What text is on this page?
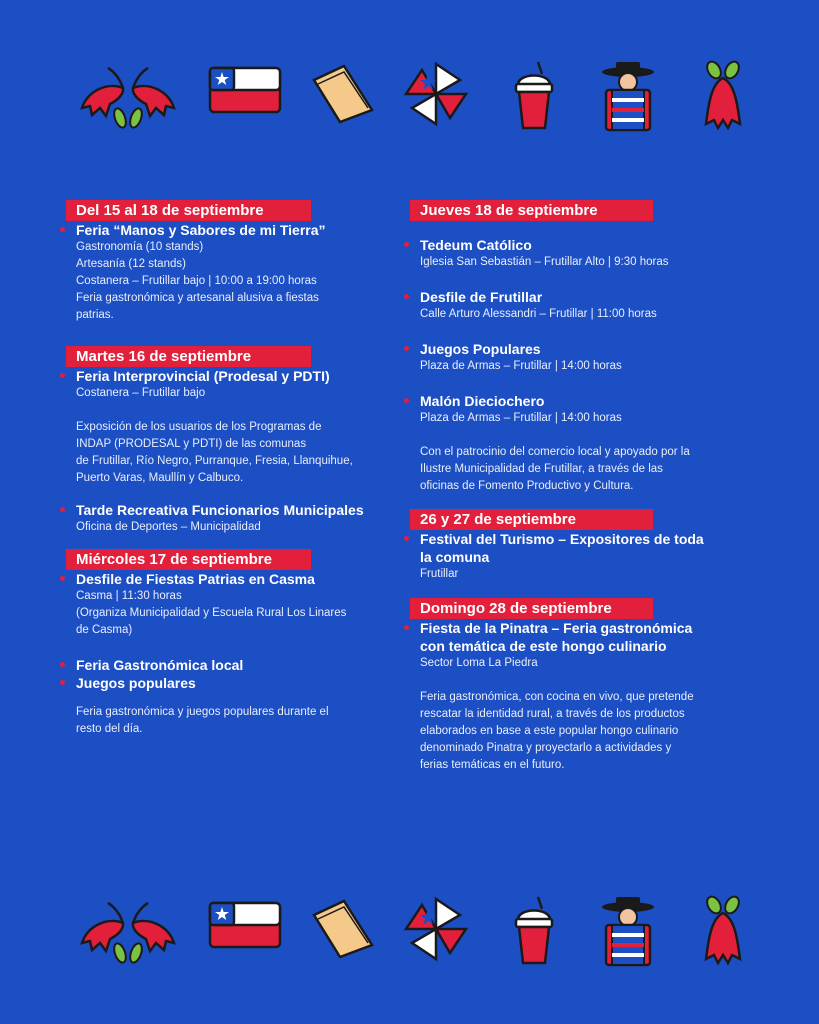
Del 15 al 18 de septiembre
Feria “Manos y Sabores de mi Tierra”
Gastronomía (10 stands)
Artesanía (12 stands)
Costanera – Frutillar bajo | 10:00 a 19:00 horas
Feria gastronómica y artesanal alusiva a fiestas
patrias.
Martes 16 de septiembre
Feria Interprovincial (Prodesal y PDTI)
Costanera – Frutillar bajo
Exposición de los usuarios de los Programas de
INDAP (PRODESAL y PDTI) de las comunas
de Frutillar, Río Negro, Purranque, Fresia, Llanquihue,
Puerto Varas, Maullín y Calbuco.
Tarde Recreativa Funcionarios Municipales
Oficina de Deportes – Municipalidad
Miércoles 17 de septiembre
Desfile de Fiestas Patrias en Casma
Casma | 11:30 horas
(Organiza Municipalidad y Escuela Rural Los Linares
de Casma)
Feria Gastronómica local
Juegos populares
Feria gastronómica y juegos populares durante el
resto del día.
Jueves 18 de septiembre
Tedeum Católico
Iglesia San Sebastián – Frutillar Alto | 9:30 horas
Desfile de Frutillar
Calle Arturo Alessandri – Frutillar | 11:00 horas
Juegos Populares
Plaza de Armas – Frutillar | 14:00 horas
Malón Dieciochero
Plaza de Armas – Frutillar | 14:00 horas
Con el patrocinio del comercio local y apoyado por la
Ilustre Municipalidad de Frutillar, a través de las
oficinas de Fomento Productivo y Cultura.
26 y 27 de septiembre
Festival del Turismo – Expositores de toda
la comuna
Frutillar
Domingo 28 de septiembre
Fiesta de la Pinatra – Feria gastronómica
con temática de este hongo culinario
Sector Loma La Piedra
Feria gastronómica, con cocina en vivo, que pretende
rescatar la identidad rural, a través de los productos
elaborados en base a este popular hongo culinario
denominado Pinatra y proyectarlo a actividades y
ferias temáticas en el futuro.
